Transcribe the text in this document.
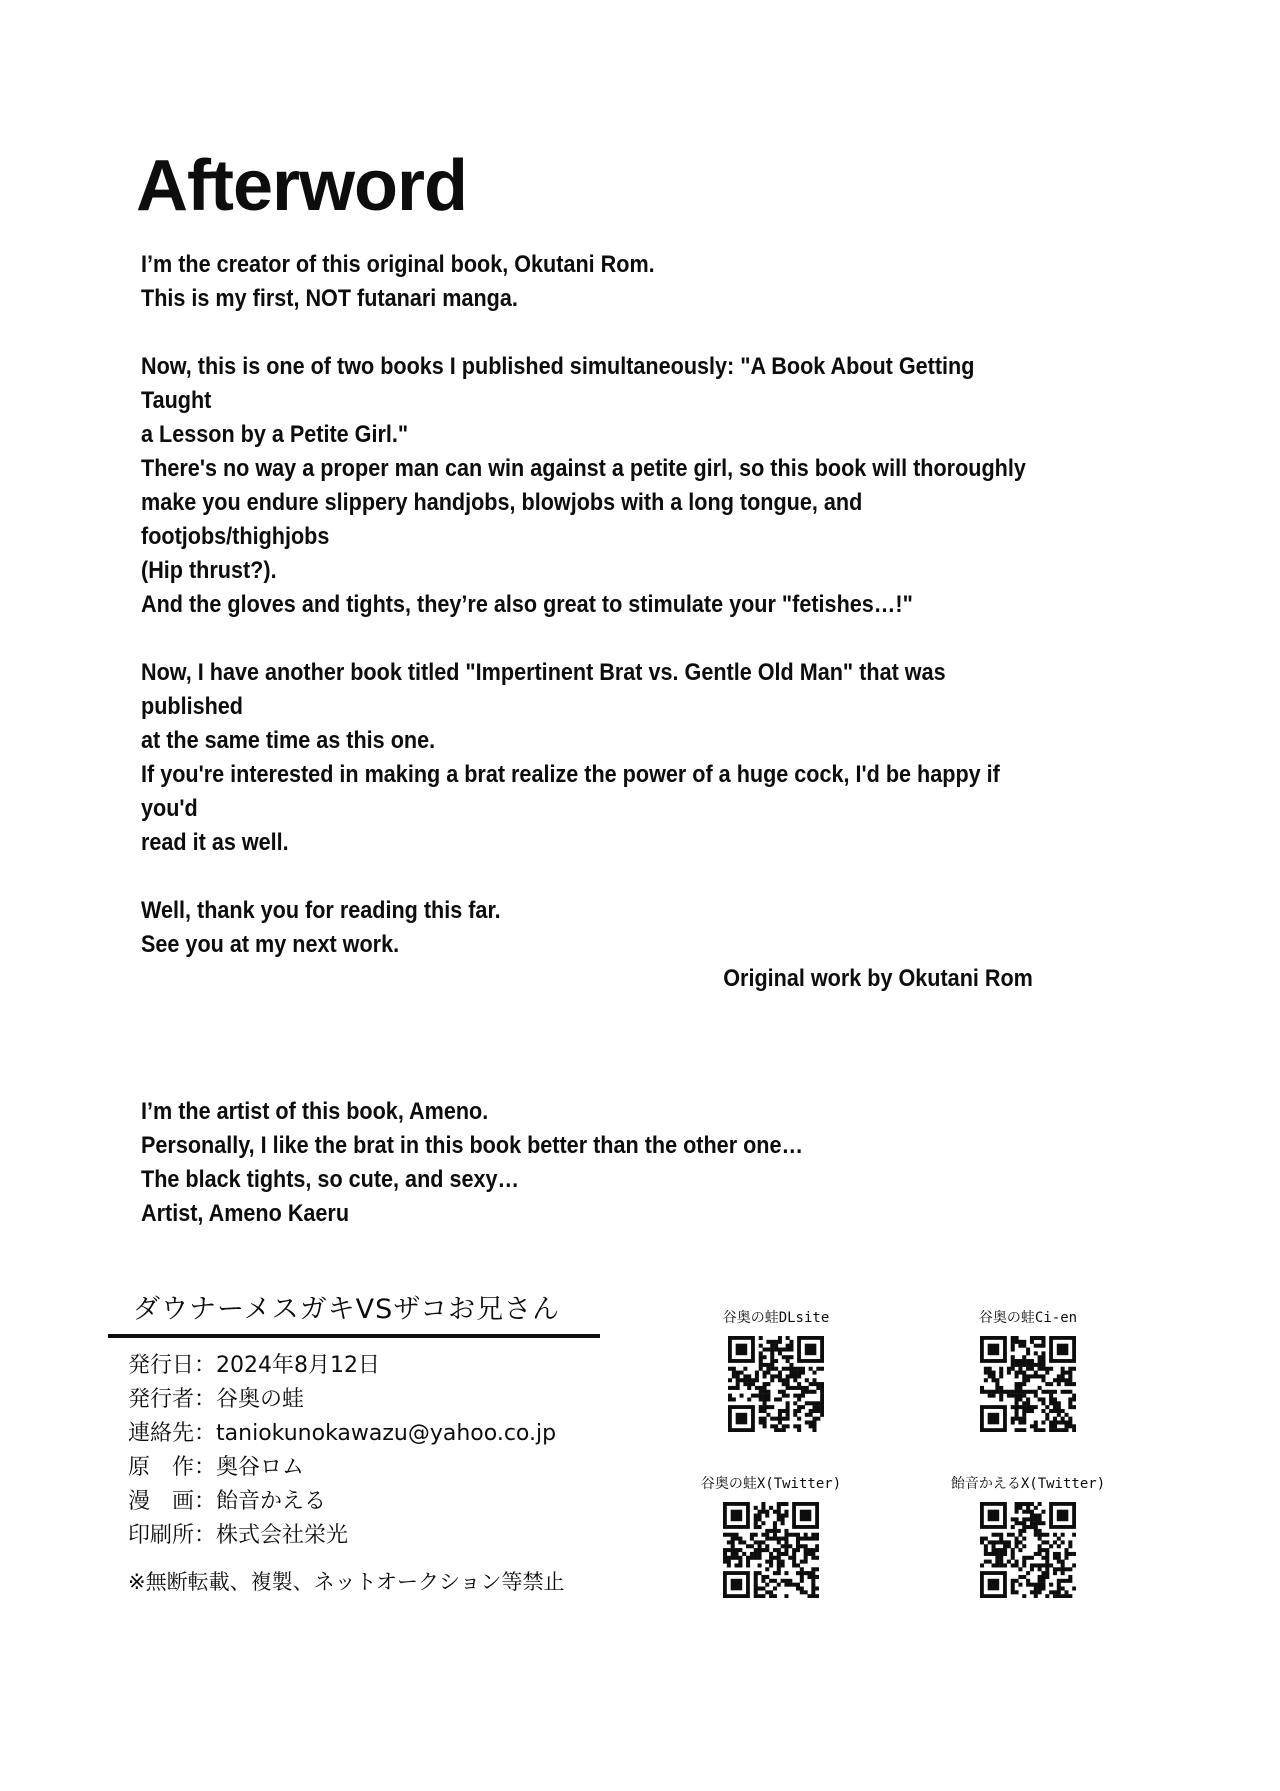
Afterword

I’m the creator of this original book, Okutani Rom.

This is my first, NOT futanari manga.

Now, this is one of two books I published simultaneously: "A Book About Getting Taught

a Lesson by a Petite Girl."

There's no way a proper man can win against a petite girl, so this book will thoroughly

make you endure slippery handjobs, blowjobs with a long tongue, and footjobs/thighjobs

(Hip thrust?).

And the gloves and tights, they’re also great to stimulate your "fetishes…!"

Now, I have another book titled "Impertinent Brat vs. Gentle Old Man" that was published

at the same time as this one.

If you're interested in making a brat realize the power of a huge cock, I'd be happy if you'd

read it as well.

Well, thank you for reading this far.

See you at my next work.

Original work by Okutani Rom

I’m the artist of this book, Ameno.

Personally, I like the brat in this book better than the other one…

The black tights, so cute, and sexy…

Artist, Ameno Kaeru

ダウナーメスガキVSザコお兄さん
発行日：2024年8月12日
発行者：谷奥の蛙
連絡先：taniokunokawazu@yahoo.co.jp
原　作：奥谷ロム
漫　画：飴音かえる
印刷所：株式会社栄光
※無断転載、複製、ネットオークション等禁止
谷奥の蛙DLsite	谷奥の蛙Ci-en
谷奥の蛙X(Twitter)	飴音かえるX(Twitter)
